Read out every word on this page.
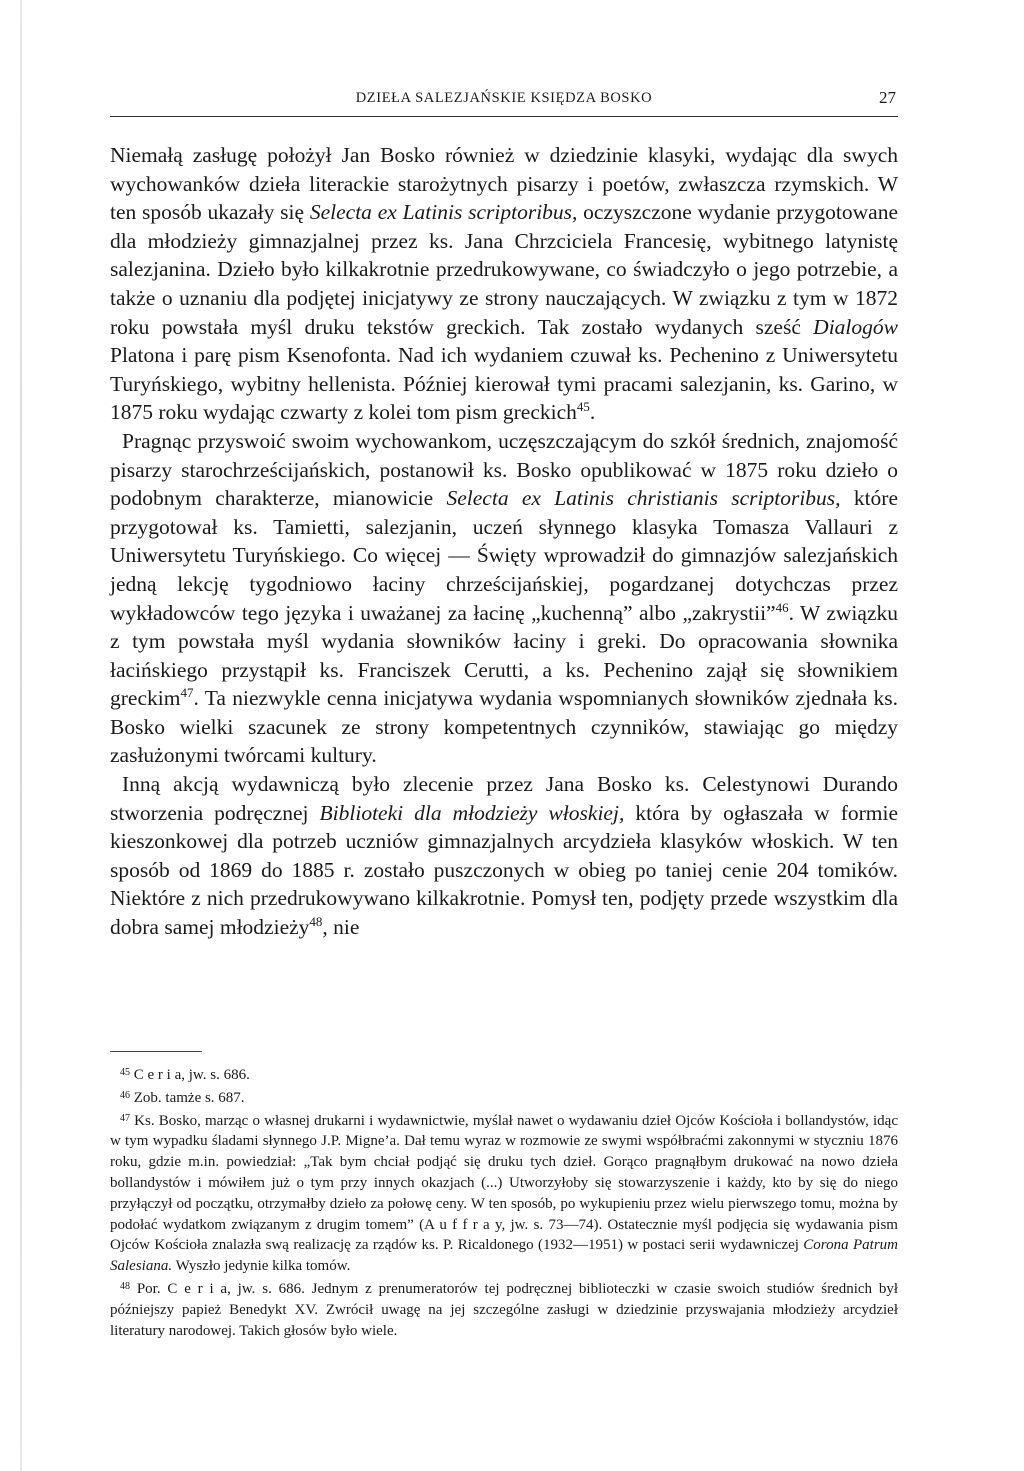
DZIEŁA SALEZJAŃSKIE KSIĘDZA BOSKO	27

Niemałą zasługę położył Jan Bosko również w dziedzinie klasyki, wydając dla swych wychowanków dzieła literackie starożytnych pisarzy i poetów, zwłaszcza rzymskich. W ten sposób ukazały się Selecta ex Latinis scriptoribus, oczyszczone wydanie przygotowane dla młodzieży gimnazjalnej przez ks. Jana Chrzciciela Francesię, wybitnego latynistę salezjanina. Dzieło było kilkakrotnie przedrukowywane, co świadczyło o jego potrzebie, a także o uznaniu dla podjętej inicjatywy ze strony nauczających. W związku z tym w 1872 roku powstała myśl druku tekstów greckich. Tak zostało wydanych sześć Dialogów Platona i parę pism Ksenofonta. Nad ich wydaniem czuwał ks. Pechenino z Uniwersytetu Turyńskiego, wybitny hellenista. Później kierował tymi pracami salezjanin, ks. Garino, w 1875 roku wydając czwarty z kolei tom pism greckich$^{45}$.

Pragnąc przyswoić swoim wychowankom, uczęszczającym do szkół średnich, znajomość pisarzy starochrześcijańskich, postanowił ks. Bosko opublikować w 1875 roku dzieło o podobnym charakterze, mianowicie Selecta ex Latinis christianis scriptoribus, które przygotował ks. Tamietti, salezjanin, uczeń słynnego klasyka Tomasza Vallauri z Uniwersytetu Turyńskiego. Co więcej — Święty wprowadził do gimnazjów salezjańskich jedną lekcję tygodniowo łaciny chrześcijańskiej, pogardzanej dotychczas przez wykładowców tego języka i uważanej za łacinę „kuchenną” albo „zakrystii”$^{46}$. W związku z tym powstała myśl wydania słowników łaciny i greki. Do opracowania słownika łacińskiego przystąpił ks. Franciszek Cerutti, a ks. Pechenino zajął się słownikiem greckim$^{47}$. Ta niezwykle cenna inicjatywa wydania wspomnianych słowników zjednała ks. Bosko wielki szacunek ze strony kompetentnych czynników, stawiając go między zasłużonymi twórcami kultury.

Inną akcją wydawniczą było zlecenie przez Jana Bosko ks. Celestynowi Durando stworzenia podręcznej Biblioteki dla młodzieży włoskiej, która by ogłaszała w formie kieszonkowej dla potrzeb uczniów gimnazjalnych arcydzieła klasyków włoskich. W ten sposób od 1869 do 1885 r. zostało puszczonych w obieg po taniej cenie 204 tomików. Niektóre z nich przedrukowywano kilkakrotnie. Pomysł ten, podjęty przede wszystkim dla dobra samej młodzieży$^{48}$, nie

$^{45}$ C e r i a, jw. s. 686.

$^{46}$ Zob. tamże s. 687.

$^{47}$ Ks. Bosko, marząc o własnej drukarni i wydawnictwie, myślał nawet o wydawaniu dzieł Ojców Kościoła i bollandystów, idąc w tym wypadku śladami słynnego J.P. Migne’a. Dał temu wyraz w rozmowie ze swymi współbraćmi zakonnymi w styczniu 1876 roku, gdzie m.in. powiedział: „Tak bym chciał podjąć się druku tych dzieł. Gorąco pragnąłbym drukować na nowo dzieła bollandystów i mówiłem już o tym przy innych okazjach (...) Utworzyłoby się stowarzyszenie i każdy, kto by się do niego przyłączył od początku, otrzymałby dzieło za połowę ceny. W ten sposób, po wykupieniu przez wielu pierwszego tomu, można by podołać wydatkom związanym z drugim tomem” (A u f f r a y, jw. s. 73—74). Ostatecznie myśl podjęcia się wydawania pism Ojców Kościoła znalazła swą realizację za rządów ks. P. Ricaldonego (1932—1951) w postaci serii wydawniczej Corona Patrum Salesiana. Wyszło jedynie kilka tomów.

$^{48}$ Por. C e r i a, jw. s. 686. Jednym z prenumeratorów tej podręcznej biblioteczki w czasie swoich studiów średnich był późniejszy papież Benedykt XV. Zwrócił uwagę na jej szczególne zasługi w dziedzinie przyswajania młodzieży arcydzieł literatury narodowej. Takich głosów było wiele.
